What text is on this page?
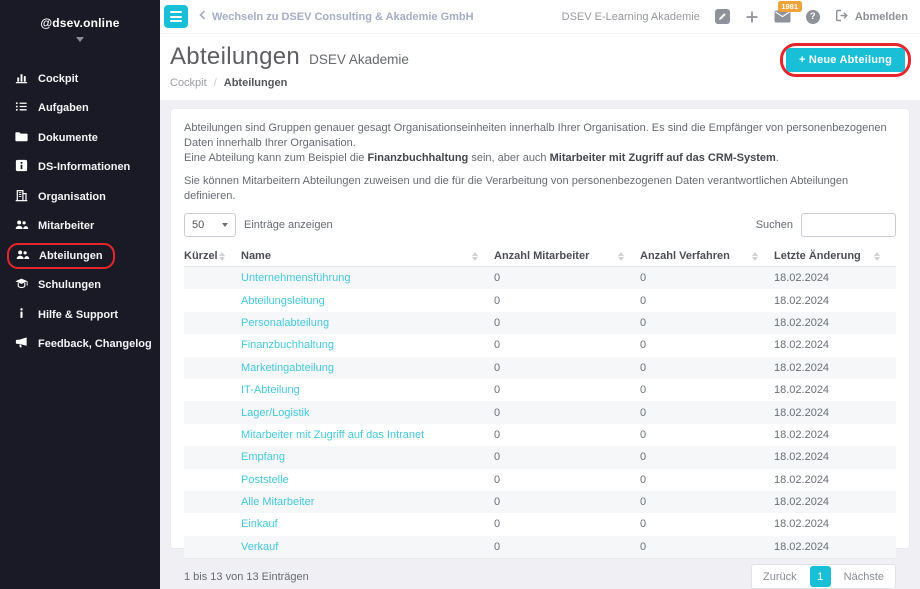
@dsev.online
Cockpit
Aufgaben
Dokumente
DS-Informationen
Organisation
Mitarbeiter
Abteilungen
Schulungen
Hilfe & Support
Feedback, Changelog
Wechseln zu DSEV Consulting & Akademie GmbH	DSEV E-Learning Akademie
1981
?
Abmelden
Abteilungen DSEV Akademie
Cockpit / Abteilungen
+ Neue Abteilung
Abteilungen sind Gruppen genauer gesagt Organisationseinheiten innerhalb Ihrer Organisation. Es sind die Empfänger von personenbezogenen Daten innerhalb Ihrer Organisation.
Eine Abteilung kann zum Beispiel die Finanzbuchhaltung sein, aber auch Mitarbeiter mit Zugriff auf das CRM-System.
Sie können Mitarbeitern Abteilungen zuweisen und die für die Verarbeitung von personenbezogenen Daten verantwortlichen Abteilungen definieren.
50	Einträge anzeigen	Suchen
Kürzel Name	Anzahl Mitarbeiter	Anzahl Verfahren	Letzte Änderung
Unternehmensführung	0	0	18.02.2024
Abteilungsleitung	0	0	18.02.2024
Personalabteilung	0	0	18.02.2024
Finanzbuchhaltung	0	0	18.02.2024
Marketingabteilung	0	0	18.02.2024
IT-Abteilung	0	0	18.02.2024
Lager/Logistik	0	0	18.02.2024
Mitarbeiter mit Zugriff auf das Intranet	0	0	18.02.2024
Empfang	0	0	18.02.2024
Poststelle	0	0	18.02.2024
Alle Mitarbeiter	0	0	18.02.2024
Einkauf	0	0	18.02.2024
Verkauf	0	0	18.02.2024
1 bis 13 von 13 Einträgen	Zurück	1	Nächste
